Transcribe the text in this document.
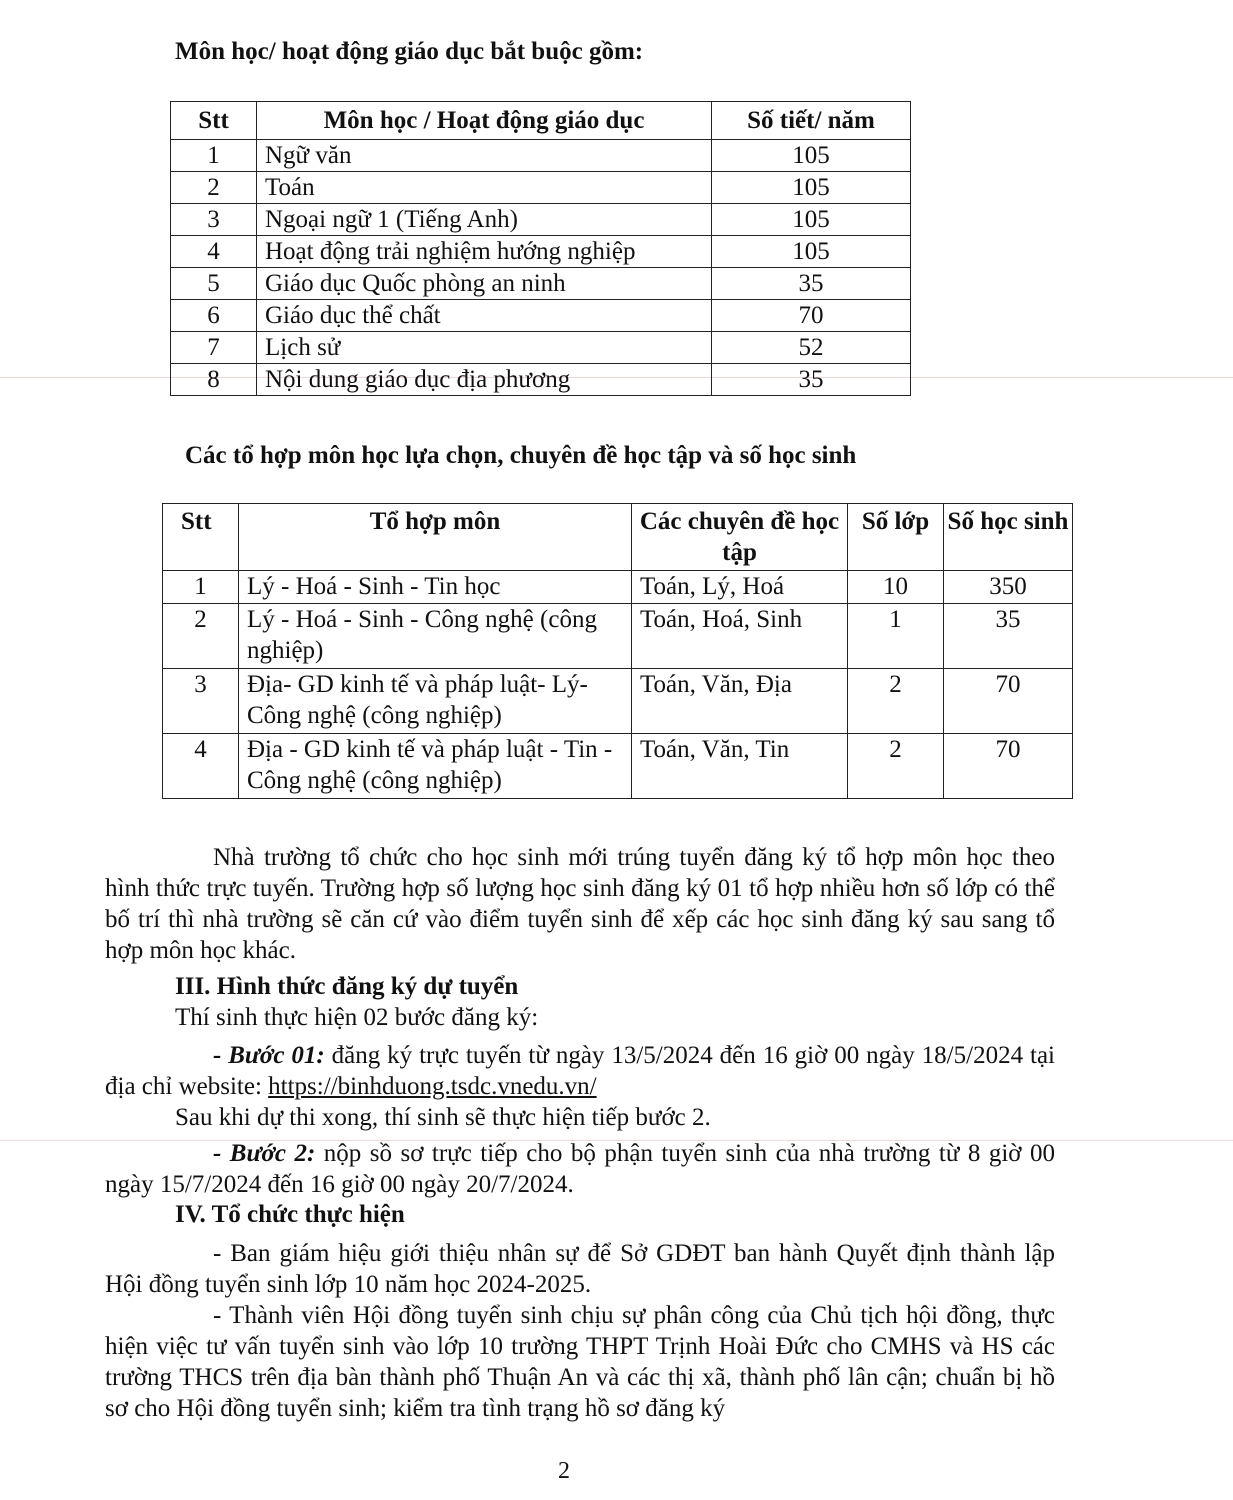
Môn học/ hoạt động giáo dục bắt buộc gồm:

Stt	Môn học / Hoạt động giáo dục	Số tiết/ năm
1	Ngữ văn	105
2	Toán	105
3	Ngoại ngữ 1 (Tiếng Anh)	105
4	Hoạt động trải nghiệm hướng nghiệp	105
5	Giáo dục Quốc phòng an ninh	35
6	Giáo dục thể chất	70
7	Lịch sử	52
8	Nội dung giáo dục địa phương	35

Các tổ hợp môn học lựa chọn, chuyên đề học tập và số học sinh

Stt	Tổ hợp môn	Các chuyên đề học tập	Số lớp	Số học sinh
1	Lý - Hoá - Sinh - Tin học	Toán, Lý, Hoá	10	350
2	Lý - Hoá - Sinh - Công nghệ (công nghiệp)	Toán, Hoá, Sinh	1	35
3	Địa- GD kinh tế và pháp luật- Lý- Công nghệ (công nghiệp)	Toán, Văn, Địa	2	70
4	Địa - GD kinh tế và pháp luật - Tin - Công nghệ (công nghiệp)	Toán, Văn, Tin	2	70

Nhà trường tổ chức cho học sinh mới trúng tuyển đăng ký tổ hợp môn học theo hình thức trực tuyến. Trường hợp số lượng học sinh đăng ký 01 tổ hợp nhiều hơn số lớp có thể bố trí thì nhà trường sẽ căn cứ vào điểm tuyển sinh để xếp các học sinh đăng ký sau sang tổ hợp môn học khác.

III. Hình thức đăng ký dự tuyển

Thí sinh thực hiện 02 bước đăng ký:

- Bước 01: đăng ký trực tuyến từ ngày 13/5/2024 đến 16 giờ 00 ngày 18/5/2024 tại địa chỉ website: https://binhduong.tsdc.vnedu.vn/

Sau khi dự thi xong, thí sinh sẽ thực hiện tiếp bước 2.

- Bước 2: nộp sồ sơ trực tiếp cho bộ phận tuyển sinh của nhà trường từ 8 giờ 00 ngày 15/7/2024 đến 16 giờ 00 ngày 20/7/2024.

IV. Tổ chức thực hiện

- Ban giám hiệu giới thiệu nhân sự để Sở GDĐT ban hành Quyết định thành lập Hội đồng tuyển sinh lớp 10 năm học 2024-2025.

- Thành viên Hội đồng tuyển sinh chịu sự phân công của Chủ tịch hội đồng, thực hiện việc tư vấn tuyển sinh vào lớp 10 trường THPT Trịnh Hoài Đức cho CMHS và HS các trường THCS trên địa bàn thành phố Thuận An và các thị xã, thành phố lân cận; chuẩn bị hồ sơ cho Hội đồng tuyển sinh; kiểm tra tình trạng hồ sơ đăng ký

2
